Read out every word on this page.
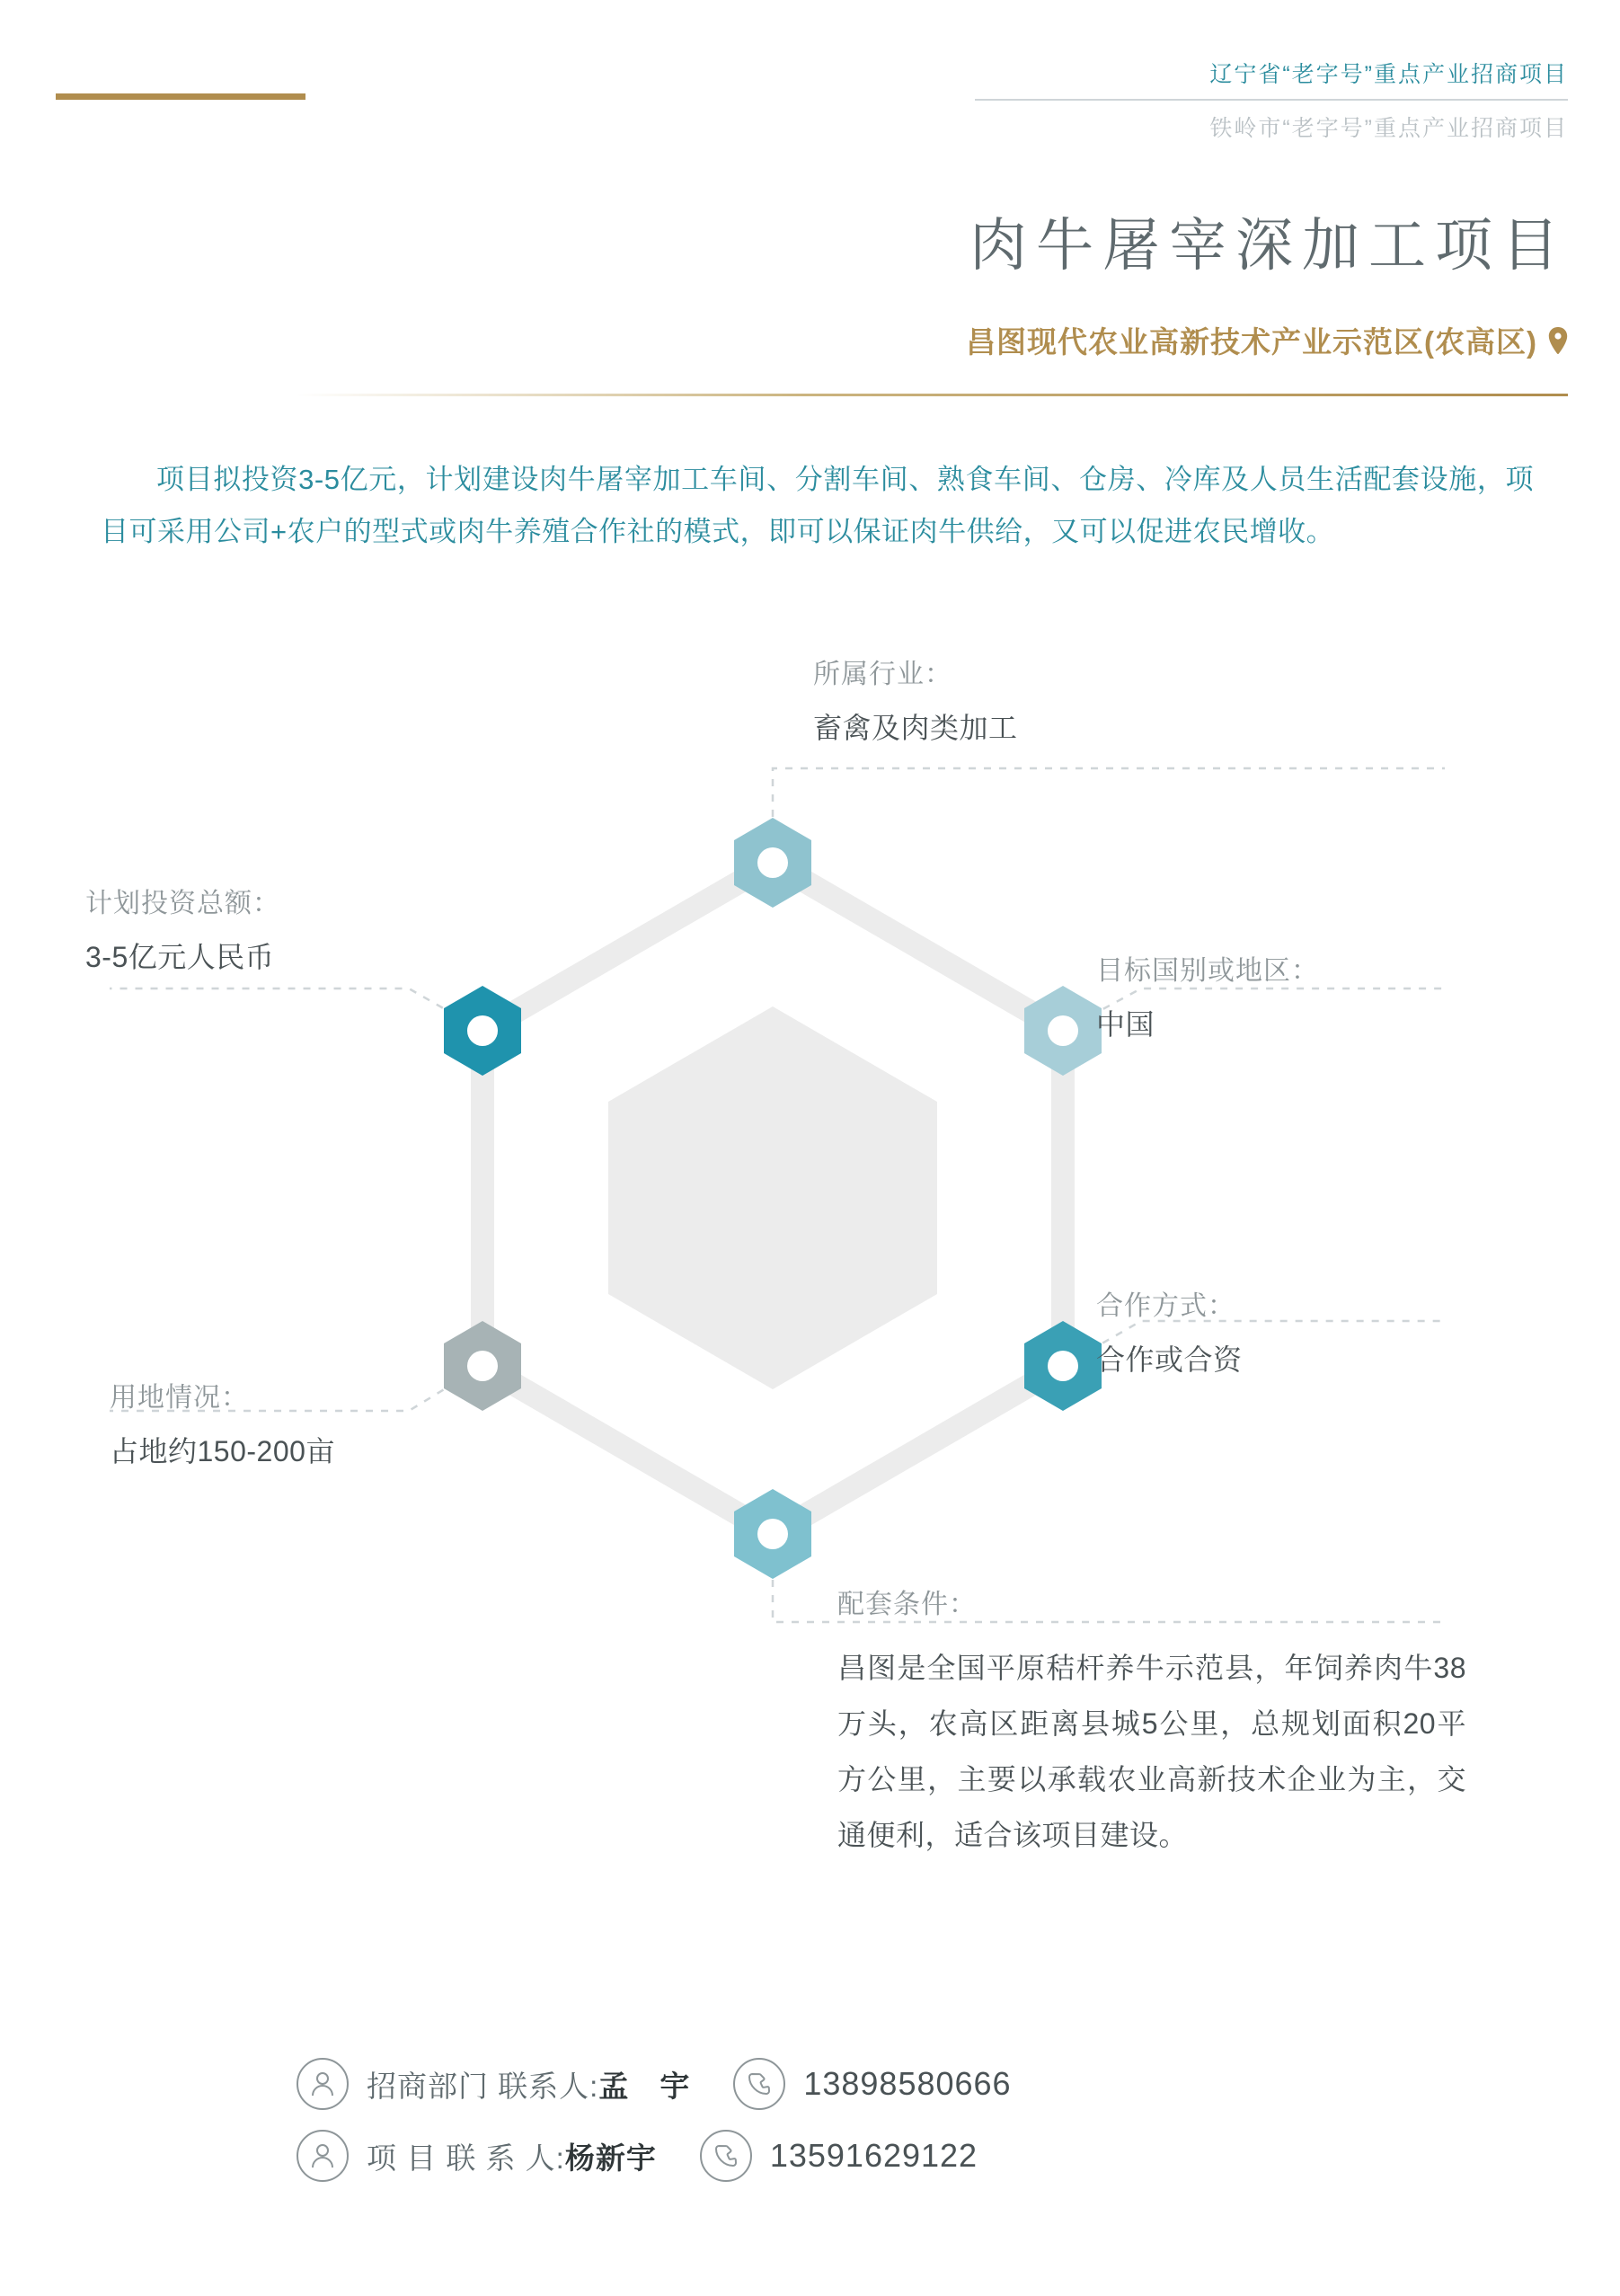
辽宁省“老字号”重点产业招商项目
铁岭市“老字号”重点产业招商项目
肉牛屠宰深加工项目
昌图现代农业高新技术产业示范区(农高区)
项目拟投资3-5亿元，计划建设肉牛屠宰加工车间、分割车间、熟食车间、仓房、冷库及人员生活配套设施，项目可采用公司+农户的型式或肉牛养殖合作社的模式，即可以保证肉牛供给，又可以促进农民增收。
所属行业：
畜禽及肉类加工
目标国别或地区：
中国
合作方式：
合作或合资
配套条件：
昌图是全国平原秸杆养牛示范县，年饲养肉牛38万头，农高区距离县城5公里，总规划面积20平方公里，主要以承载农业高新技术企业为主，交通便利，适合该项目建设。
用地情况：
占地约150-200亩
计划投资总额：
3-5亿元人民币
招商部门 联系人:孟　宇	13898580666
项 目 联 系 人:杨新宇	13591629122
